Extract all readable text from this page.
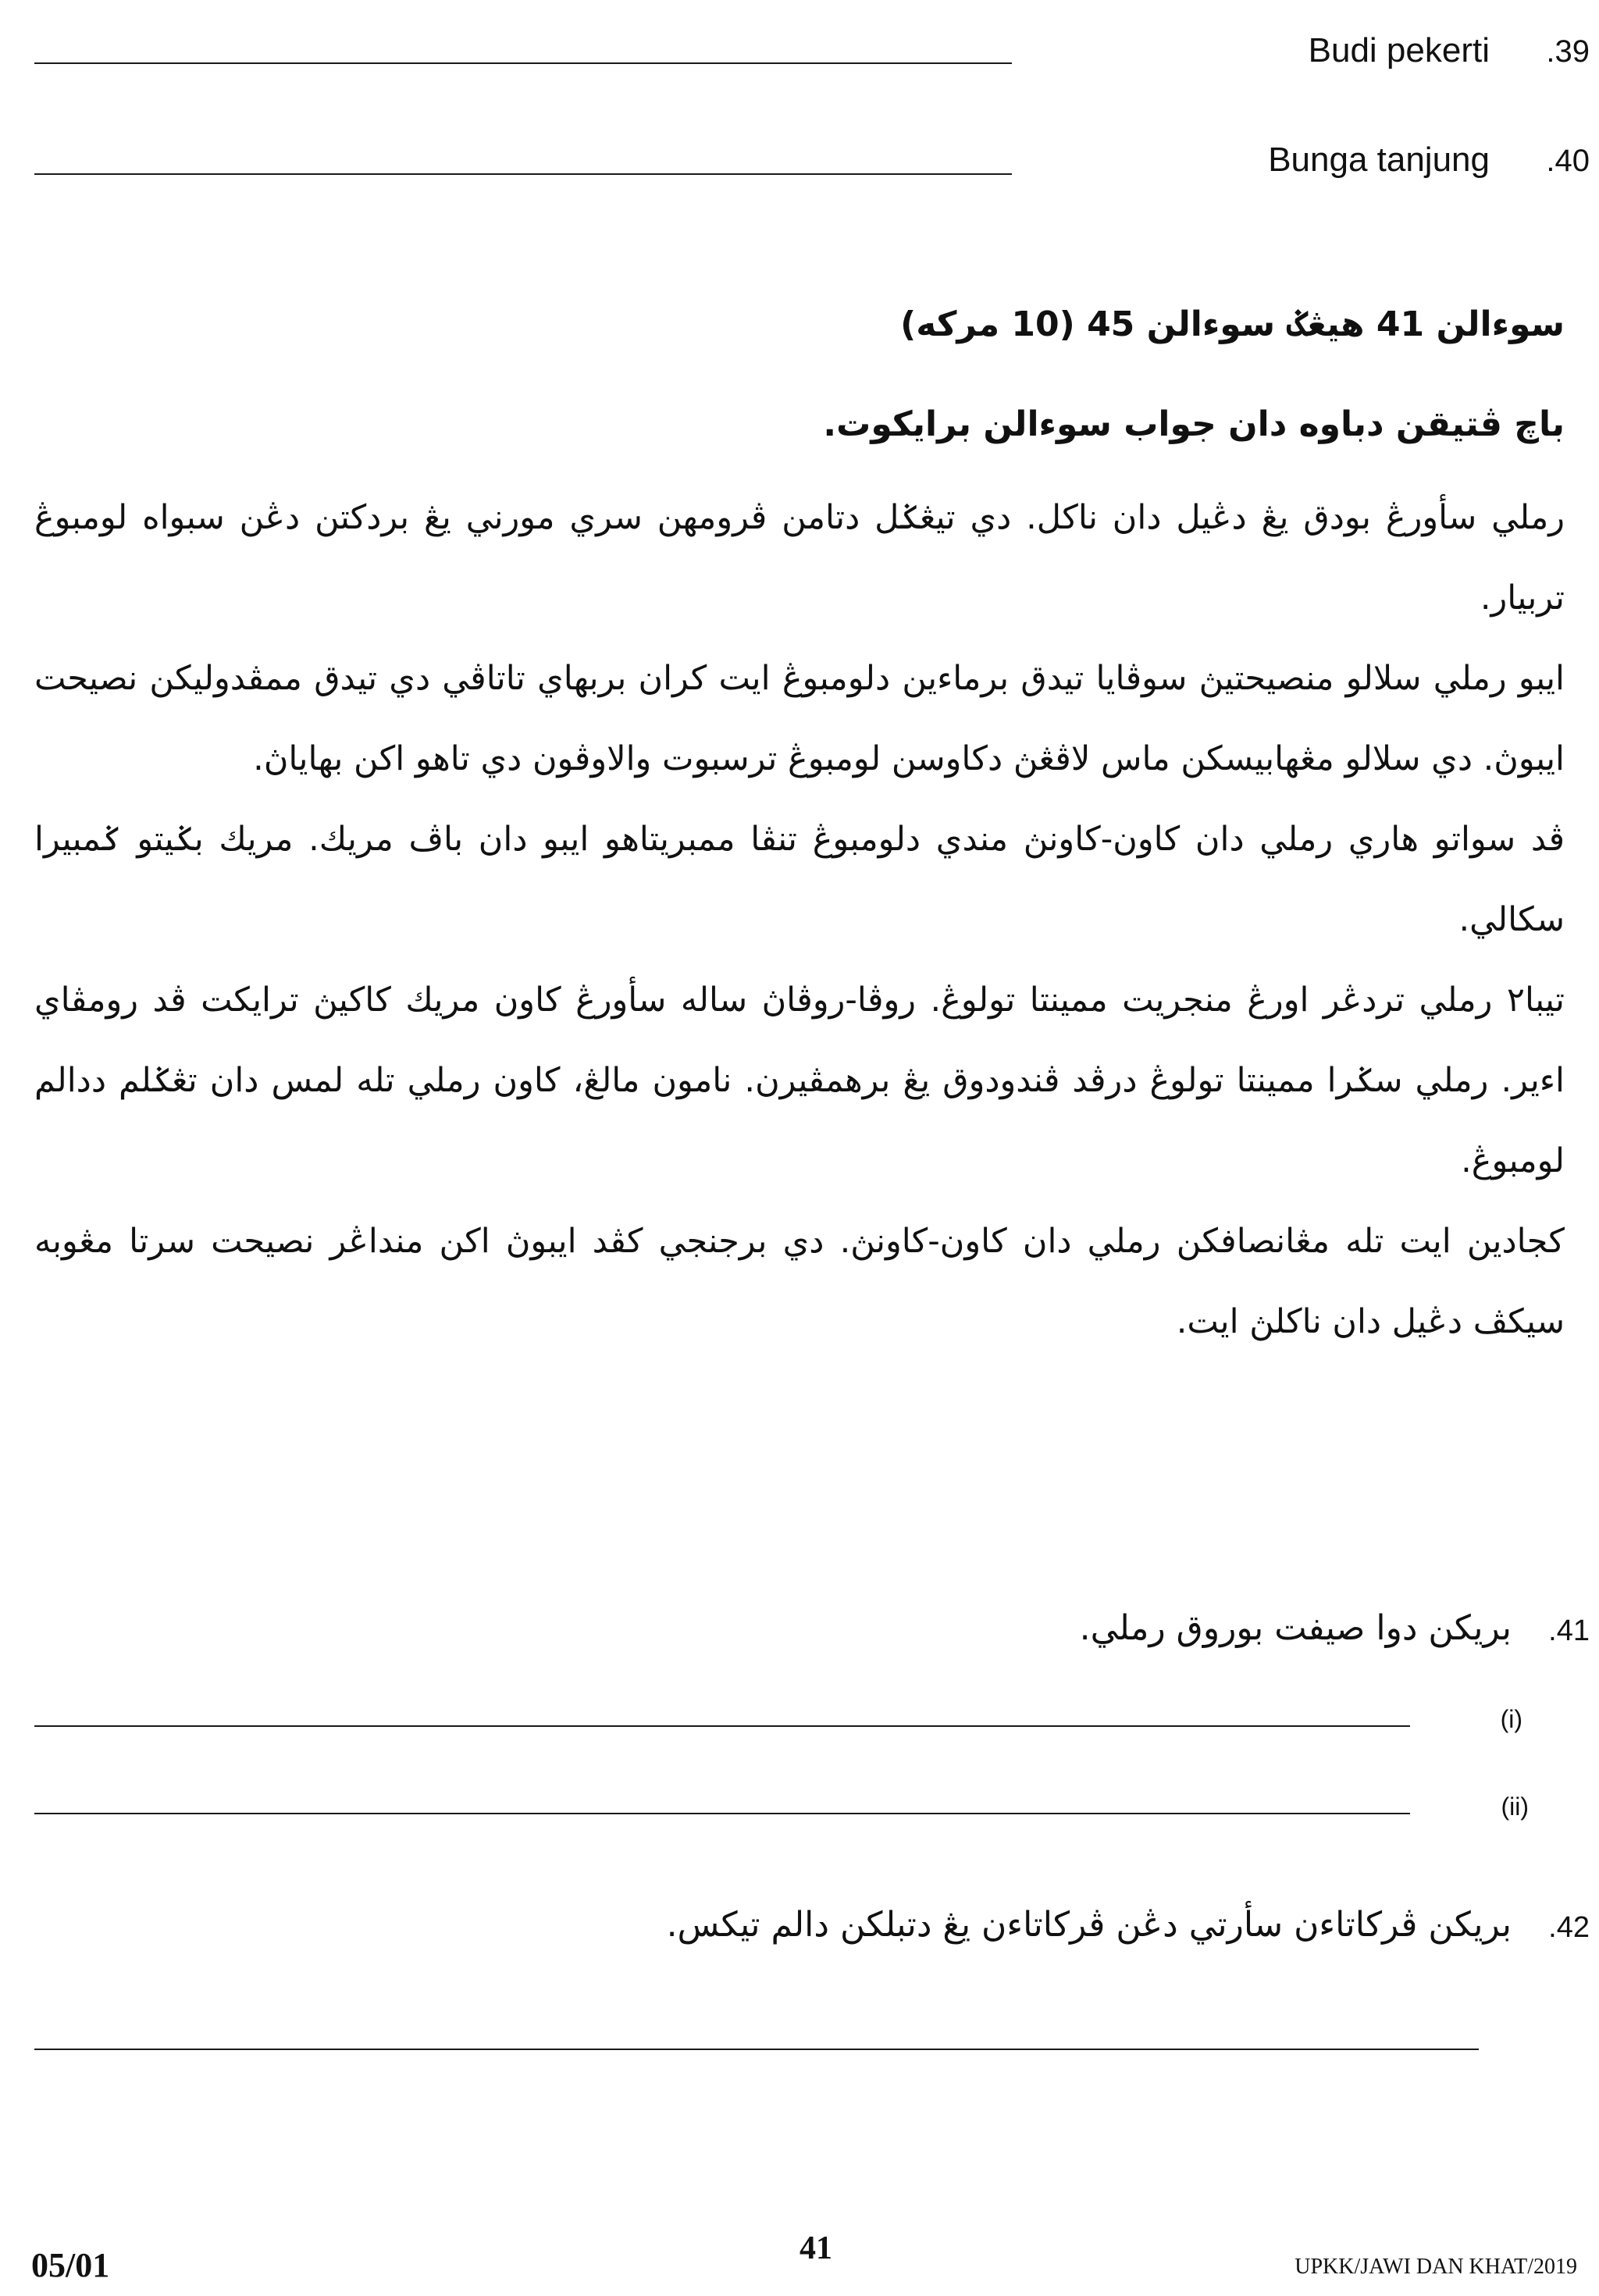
Budi pekerti .39
Bunga tanjung .40
سوءالن 41 هيڠݢ سوءالن 45 (10 مركه)
باچ ڤتيقن دباوه دان جواب سوءالن برايكوت.

رملي سأورڠ بودق يڠ دڠيل دان ناكل. دي تيڠݢل دتامن ڤرومهن سري مورني يڠ بردكتن دڠن سبواه لومبوڠ تربيار.

ايبو رملي سلالو منصيحتيڽ سوڤايا تيدق برماءين دلومبوڠ ايت كران بربهاي تاتاڤي دي تيدق ممڤدوليكن نصيحت ايبوڽ. دي سلالو مڠهابيسكن ماس لاڤڠڽ دكاوسن لومبوڠ ترسبوت والاوڤون دي تاهو اكن بهاياڽ.

ڤد سواتو هاري رملي دان كاون-كاونڽ مندي دلومبوڠ تنڤا ممبريتاهو ايبو دان باڤ مريك. مريك بݢيتو ݢمبيرا سكالي.

تيبا٢ رملي تردڠر اورڠ منجريت ممينتا تولوڠ. روڤا-روڤاڽ ساله سأورڠ كاون مريك كاكيڽ ترايكت ڤد رومڤاي اءير. رملي سݢرا ممينتا تولوڠ درڤد ڤندودوق يڠ برهمڤيرن. نامون مالڠ، كاون رملي تله لمس دان تڠݢلم ددالم لومبوڠ.

كجادين ايت تله مڠانصافكن رملي دان كاون-كاونڽ. دي برجنجي كڤد ايبوڽ اكن منداڠر نصيحت سرتا مڠوبه سيكڤ دڠيل دان ناكلڽ ايت.

.41
بريكن دوا صيفت بوروق رملي.
(i)
(ii)
.42
بريكن ڤركاتاءن سأرتي دڠن ڤركاتاءن يڠ دتبلكن دالم تيكس.
05/01	41
UPKK/JAWI DAN KHAT/2019
